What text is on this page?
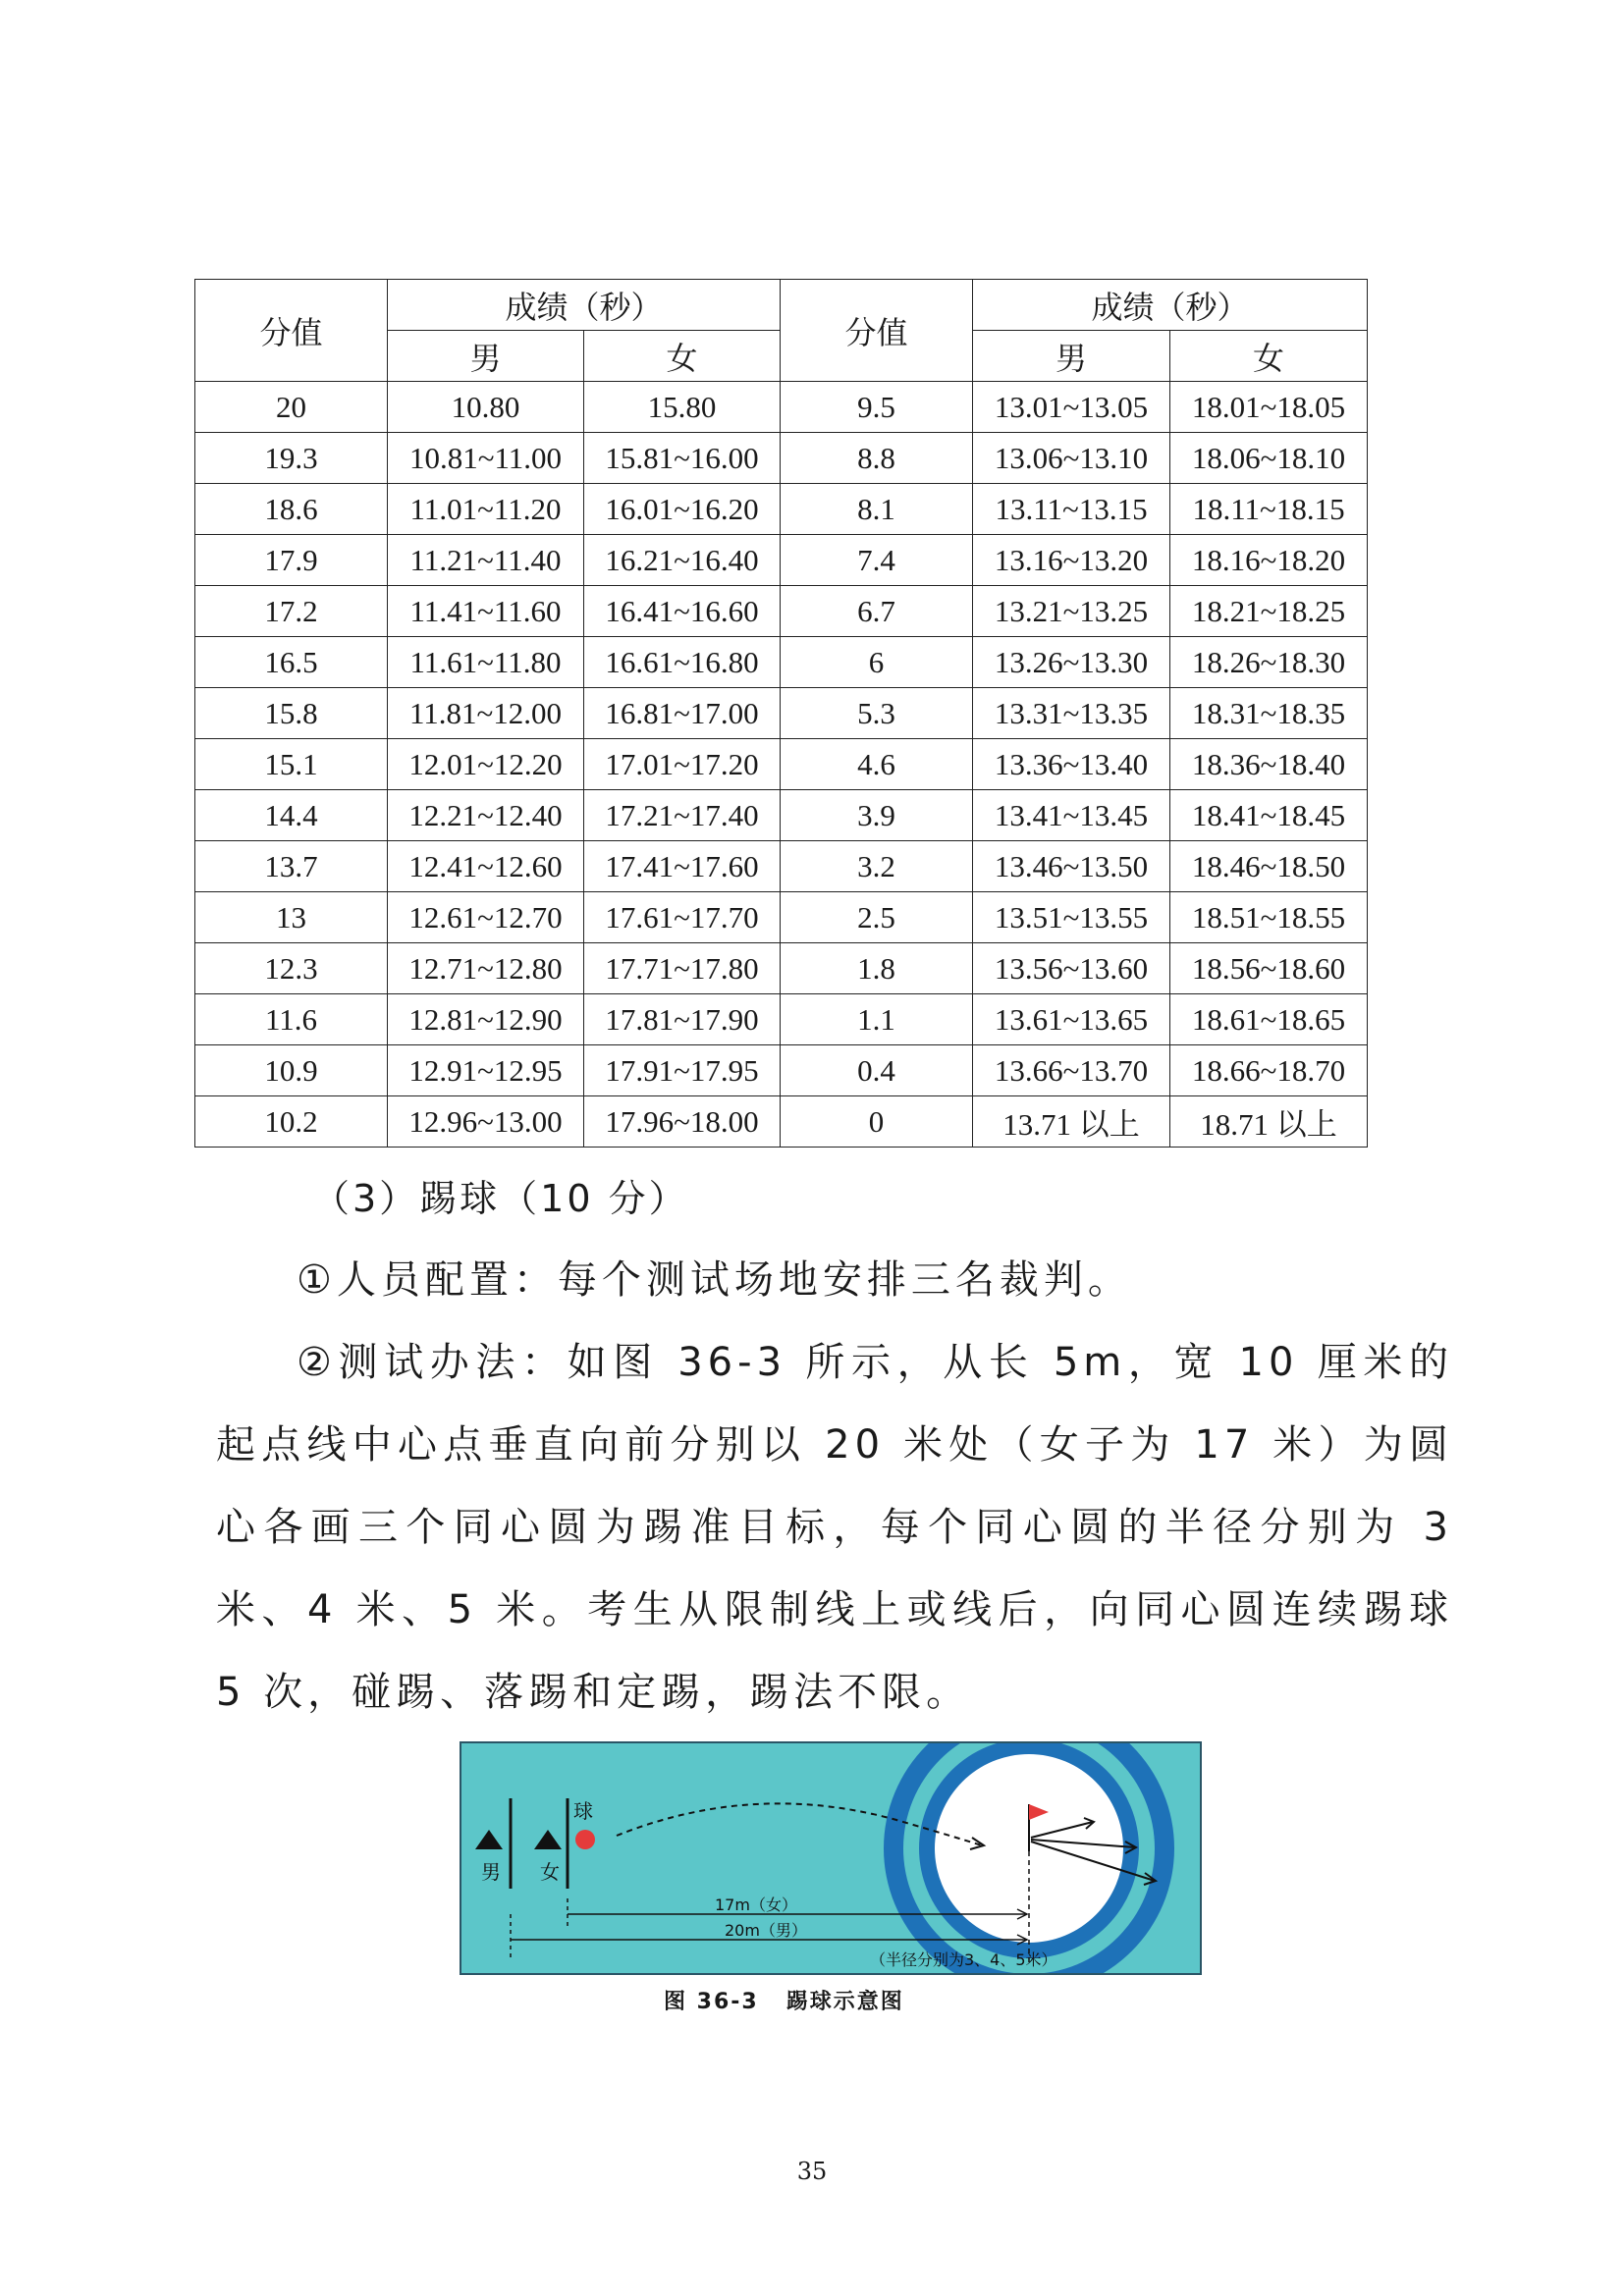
分值	成绩（秒）		分值	成绩（秒）	
	男	女		男	女
20	10.80	15.80	9.5	13.01~13.05	18.01~18.05
19.3	10.81~11.00	15.81~16.00	8.8	13.06~13.10	18.06~18.10
18.6	11.01~11.20	16.01~16.20	8.1	13.11~13.15	18.11~18.15
17.9	11.21~11.40	16.21~16.40	7.4	13.16~13.20	18.16~18.20
17.2	11.41~11.60	16.41~16.60	6.7	13.21~13.25	18.21~18.25
16.5	11.61~11.80	16.61~16.80	6	13.26~13.30	18.26~18.30
15.8	11.81~12.00	16.81~17.00	5.3	13.31~13.35	18.31~18.35
15.1	12.01~12.20	17.01~17.20	4.6	13.36~13.40	18.36~18.40
14.4	12.21~12.40	17.21~17.40	3.9	13.41~13.45	18.41~18.45
13.7	12.41~12.60	17.41~17.60	3.2	13.46~13.50	18.46~18.50
13	12.61~12.70	17.61~17.70	2.5	13.51~13.55	18.51~18.55
12.3	12.71~12.80	17.71~17.80	1.8	13.56~13.60	18.56~18.60
11.6	12.81~12.90	17.81~17.90	1.1	13.61~13.65	18.61~18.65
10.9	12.91~12.95	17.91~17.95	0.4	13.66~13.70	18.66~18.70
10.2	12.96~13.00	17.96~18.00	0	13.71 以上	18.71 以上
（3）踢球（10 分）

①人员配置：每个测试场地安排三名裁判。

②测试办法：如图 36-3 所示，从长 5m，宽 10 厘米的起点线中心点垂直向前分别以 20 米处（女子为 17 米）为圆心各画三个同心圆为踢准目标，每个同心圆的半径分别为 3 米、4 米、5 米。考生从限制线上或线后，向同心圆连续踢球 5 次，碰踢、落踢和定踢，踢法不限。

男 女
球
17m（女）
20m（男）
（半径分别为3、4、5米）

图 36-3 踢球示意图

35
